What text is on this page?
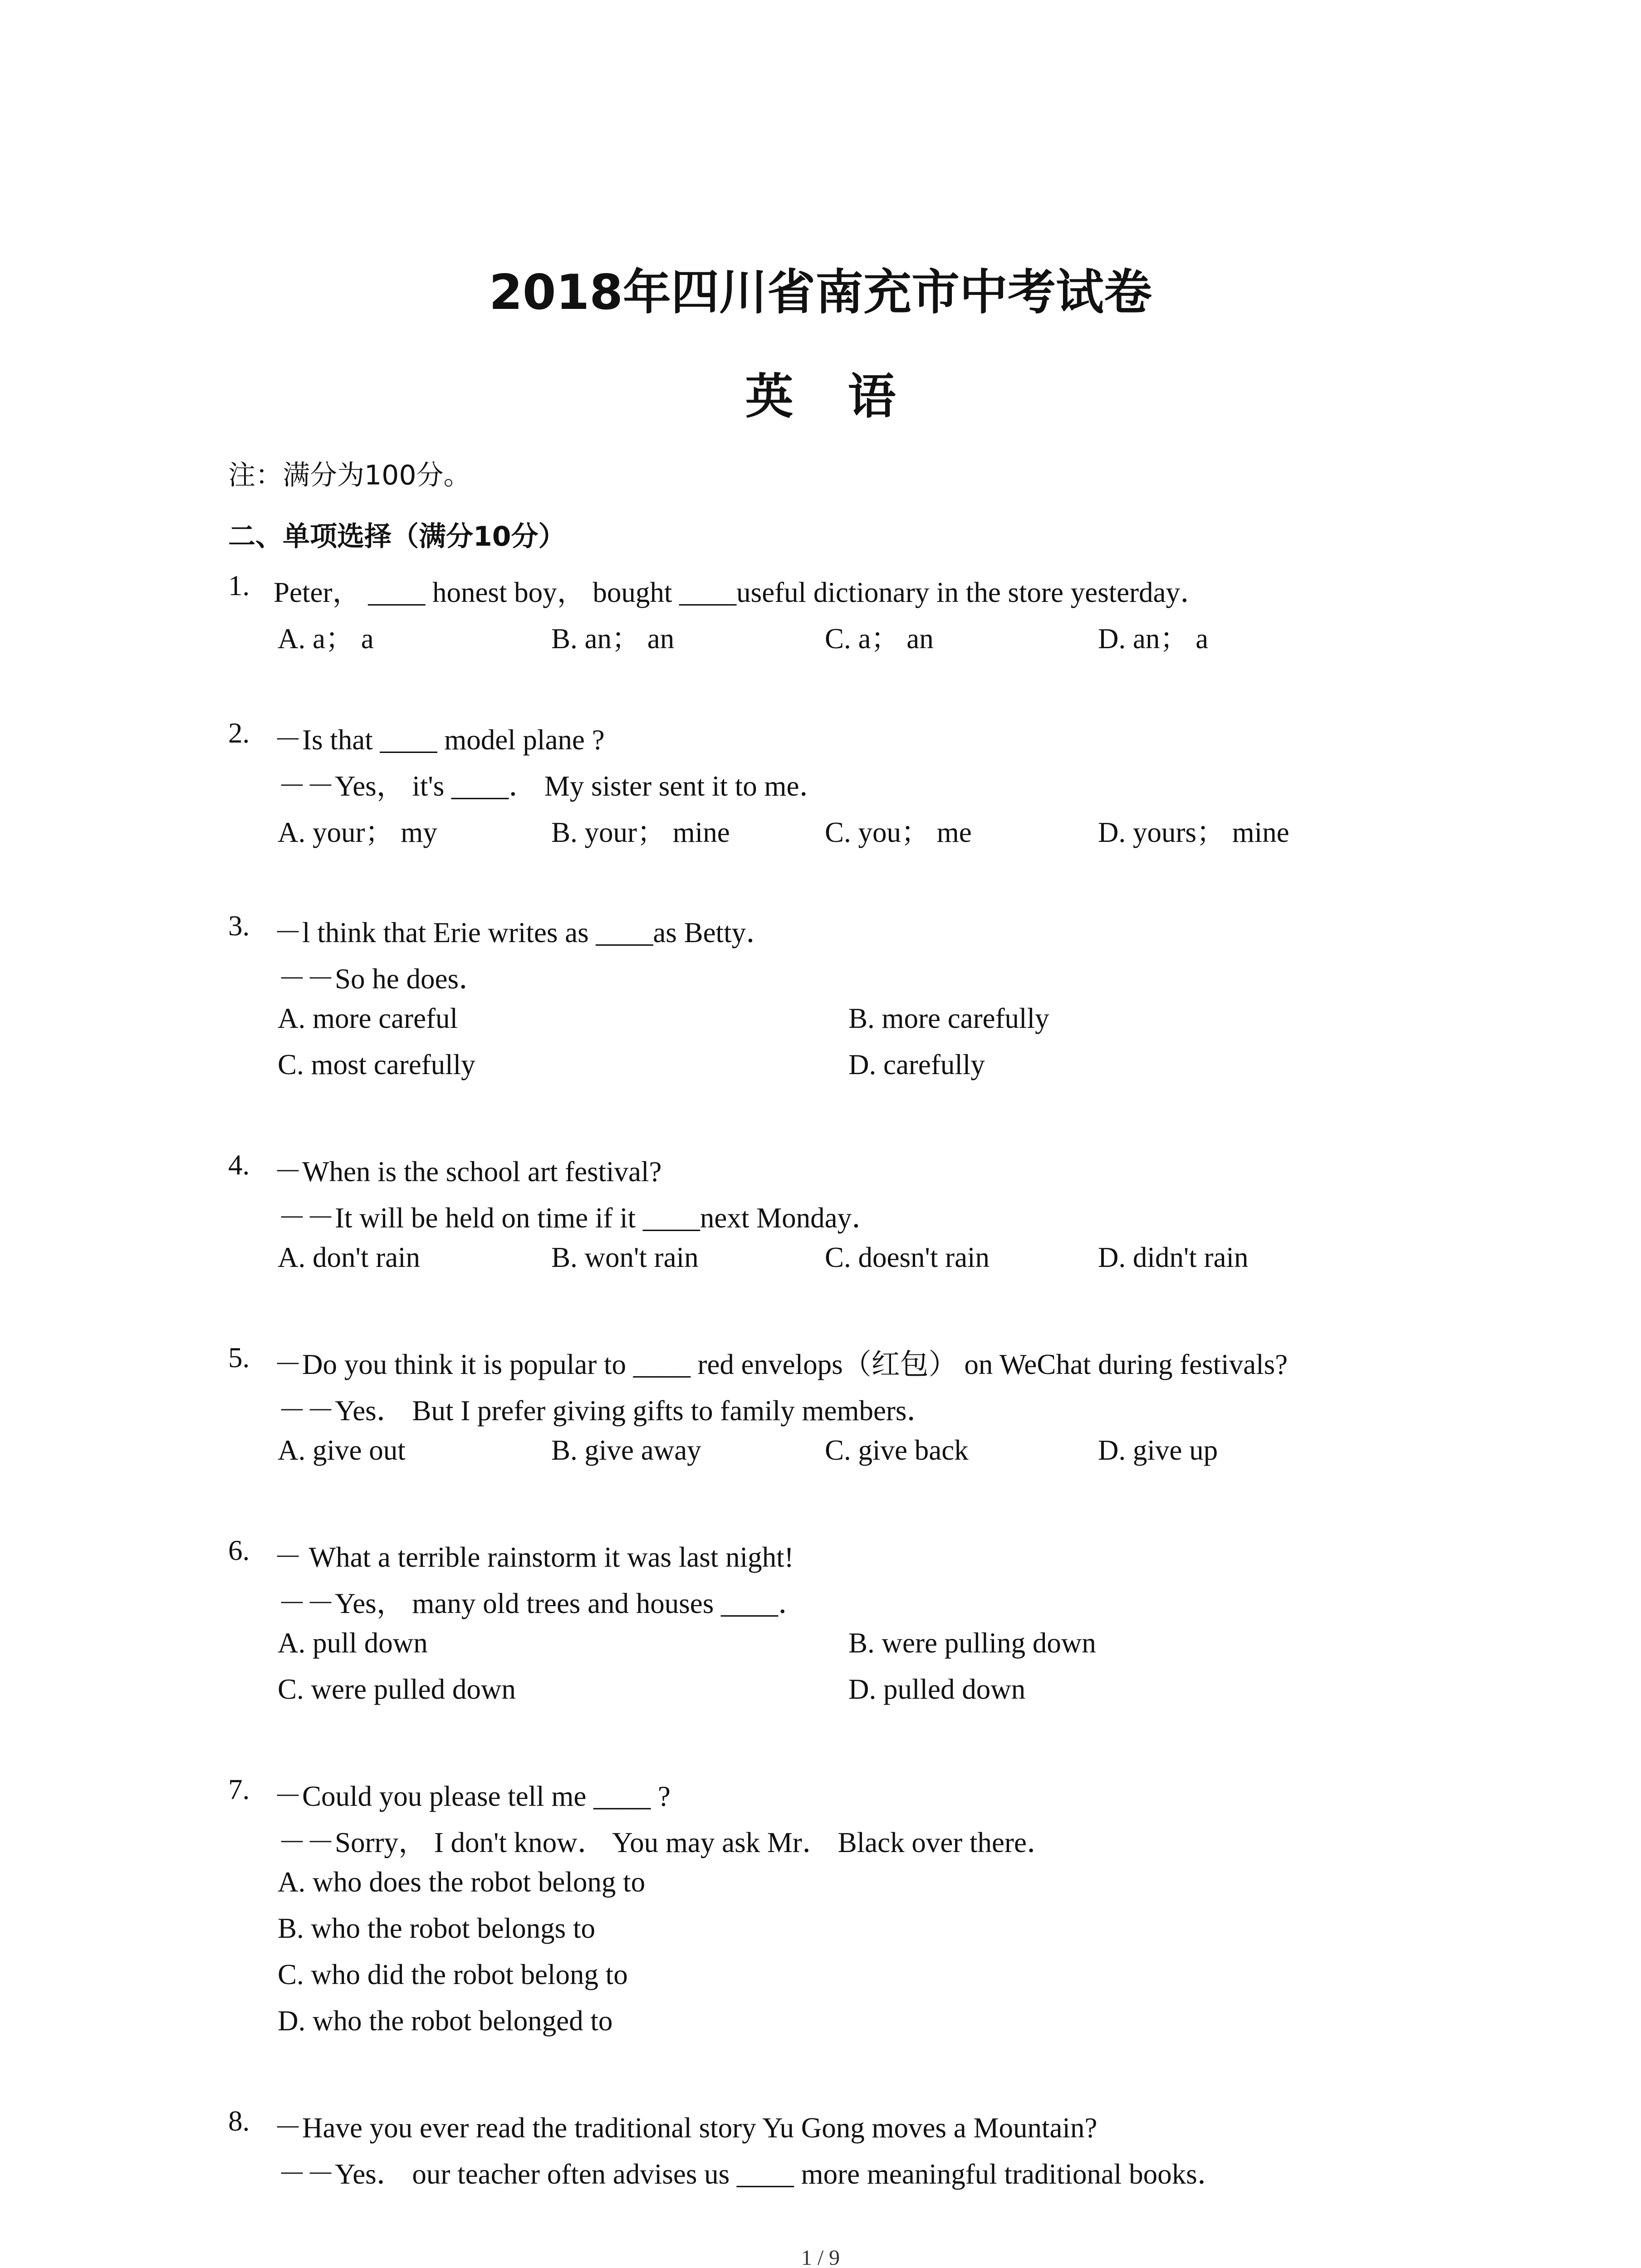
2018年四川省南充市中考试卷
英语
注：满分为100分。
二、单项选择（满分10分）
1. Peter， ____ honest boy， bought ____useful dictionary in the store yesterday．
A. a； a	B. an； an	C. a； an	D. an； a
2. －Is that ____ model plane ?
－－Yes， it's ____． My sister sent it to me．
A. your； my	B. your； mine	C. you； me	D. yours； mine
3. －l think that Erie writes as ____as Betty．
－－So he does．
A. more careful	B. more carefully
C. most carefully	D. carefully
4. －When is the school art festival?
－－It will be held on time if it ____next Monday．
A. don't rain	B. won't rain	C. doesn't rain	D. didn't rain
5. －Do you think it is popular to ____ red envelops（红包） on WeChat during festivals?
－－Yes． But I prefer giving gifts to family members．
A. give out	B. give away	C. give back	D. give up
6. － What a terrible rainstorm it was last night!
－－Yes， many old trees and houses ____．
A. pull down	B. were pulling down
C. were pulled down	D. pulled down
7. －Could you please tell me ____ ?
－－Sorry， I don't know． You may ask Mr． Black over there．
A. who does the robot belong to
B. who the robot belongs to
C. who did the robot belong to
D. who the robot belonged to
8. －Have you ever read the traditional story Yu Gong moves a Mountain?
－－Yes． our teacher often advises us ____ more meaningful traditional books．
1 / 9
